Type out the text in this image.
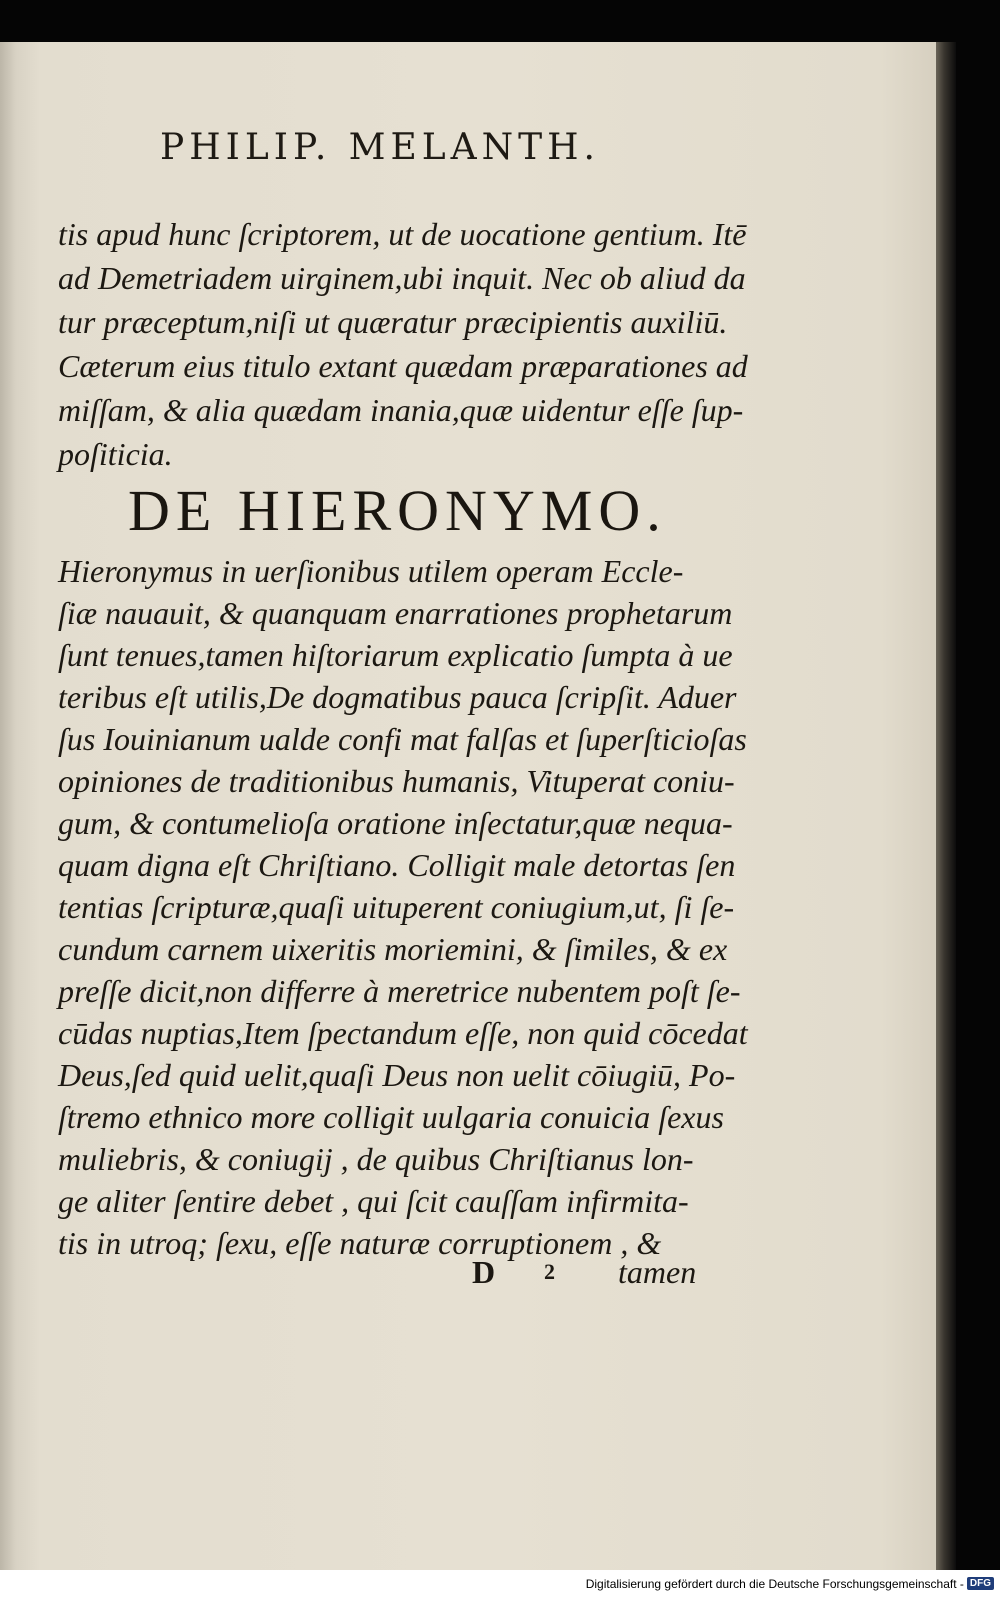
PHILIP. MELANTH.
tis apud hunc ſcriptorem, ut de uocatione gentium. Itē
ad Demetriadem uirginem,ubi inquit. Nec ob aliud da
tur præceptum,niſi ut quæratur præcipientis auxiliū.
Cæterum eius titulo extant quædam præparationes ad
miſſam, & alia quædam inania,quæ uidentur eſſe ſup-
poſiticia.
DE HIERONYMO.
Hieronymus in uerſionibus utilem operam Eccle-
ſiæ nauauit, & quanquam enarrationes prophetarum
ſunt tenues,tamen hiſtoriarum explicatio ſumpta à ue
teribus eſt utilis,De dogmatibus pauca ſcripſit. Aduer
ſus Iouinianum ualde confi mat falſas et ſuperſticioſas
opiniones de traditionibus humanis, Vituperat coniu-
gum, & contumelioſa oratione inſectatur,quæ nequa-
quam digna eſt Chriſtiano. Colligit male detortas ſen
tentias ſcripturæ,quaſi uituperent coniugium,ut, ſi ſe-
cundum carnem uixeritis moriemini, & ſimiles, & ex
preſſe dicit,non differre à meretrice nubentem poſt ſe-
cūdas nuptias,Item ſpectandum eſſe, non quid cōcedat
Deus,ſed quid uelit,quaſi Deus non uelit cōiugiū, Po-
ſtremo ethnico more colligit uulgaria conuicia ſexus
muliebris, & coniugij , de quibus Chriſtianus lon-
ge aliter ſentire debet , qui ſcit cauſſam infirmita-
tis in utroq; ſexu, eſſe naturæ corruptionem , &
D 2 tamen
Digitalisierung gefördert durch die Deutsche Forschungsgemeinschaft - DFG
